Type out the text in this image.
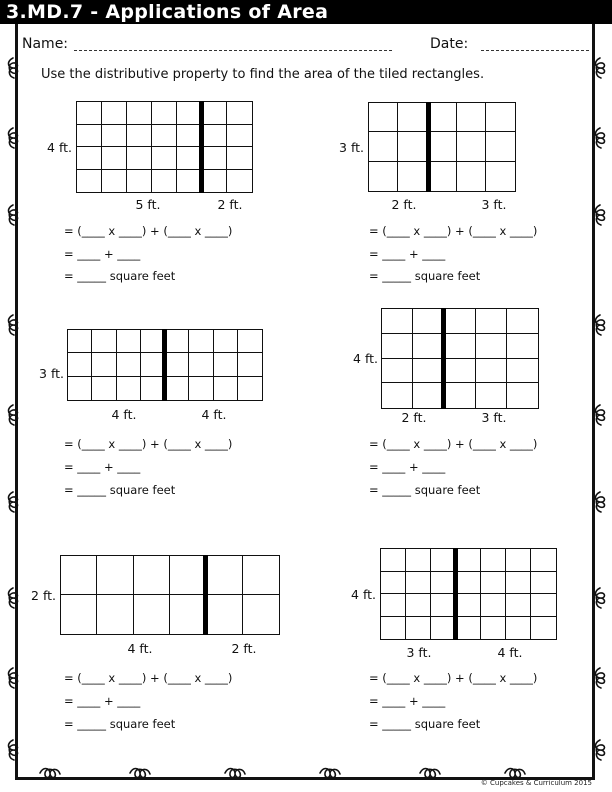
3.MD.7 - Applications of Area
Name:	Date:
Use the distributive property to find the area of the tiled rectangles.
4 ft.
5 ft.	2 ft.
= (____ x ____) + (____ x ____)
= ____ + ____
= _____ square feet
3 ft.
2 ft.	3 ft.
= (____ x ____) + (____ x ____)
= ____ + ____
= _____ square feet
3 ft.
4 ft.	4 ft.
= (____ x ____) + (____ x ____)
= ____ + ____
= _____ square feet
4 ft.
2 ft.	3 ft.
= (____ x ____) + (____ x ____)
= ____ + ____
= _____ square feet
2 ft.
4 ft.	2 ft.
= (____ x ____) + (____ x ____)
= ____ + ____
= _____ square feet
4 ft.
3 ft.	4 ft.
= (____ x ____) + (____ x ____)
= ____ + ____
= _____ square feet
© Cupcakes & Curriculum 2015
